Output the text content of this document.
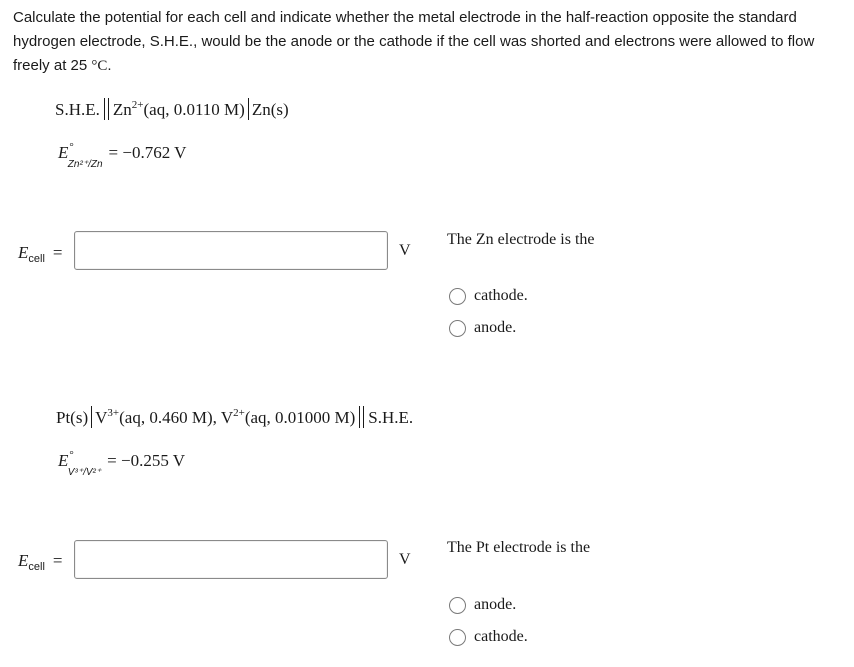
Calculate the potential for each cell and indicate whether the metal electrode in the half-reaction opposite the standard hydrogen electrode, S.H.E., would be the anode or the cathode if the cell was shorted and electrons were allowed to flow freely at 25 °C.
S.H.E. $Zn^{2+}(aq$, 0.0110 M) Zn(s)
E°Zn²⁺/Zn= −0.762 V
$E_{cell}$ =	V
The Zn electrode is the
cathode.
anode.
Pt(s) $V^{3+}(aq$, 0.460 M), $V^{2+}(aq$, 0.01000 M) S.H.E.
E°V³⁺/V²⁺= −0.255 V
$E_{cell}$ =	V
The Pt electrode is the
anode.
cathode.
